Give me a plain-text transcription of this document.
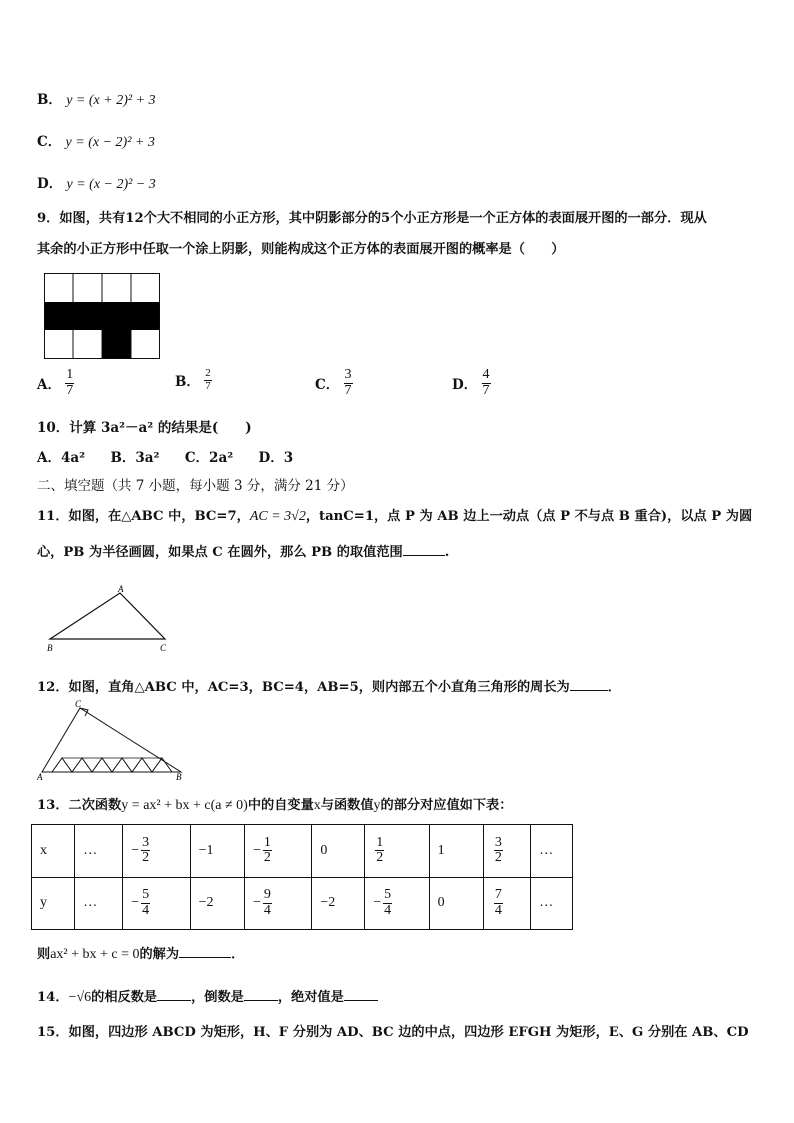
B． y = (x + 2)² + 3
C． y = (x − 2)² + 3
D． y = (x − 2)² − 3
9．如图，共有12个大不相同的小正方形，其中阴影部分的5个小正方形是一个正方体的表面展开图的一部分．现从
其余的小正方形中任取一个涂上阴影，则能构成这个正方体的表面展开图的概率是（　　）
A． $\frac{1}{7}$	B． $\frac{2}{7}$	C． $\frac{3}{7}$	D． $\frac{4}{7}$
10．计算 3a²－a² 的结果是(　　)
A．4a² B．3a² C．2a² D．3
二、填空题（共 7 小题，每小题 3 分，满分 21 分）
11．如图，在△ABC 中，BC=7，AC = 3√2，tanC=1，点 P 为 AB 边上一动点（点 P 不与点 B 重合)，以点 P 为圆
心，PB 为半径画圆，如果点 C 在圆外，那么 PB 的取值范围	.
A
B	C
12．如图，直角△ABC 中，AC=3，BC=4，AB=5，则内部五个小直角三角形的周长为	．
C
A	B
13．二次函数y = ax² + bx + c(a ≠ 0)中的自变量x与函数值y的部分对应值如下表：
x	…	− $\frac{3}{2}$	−1	− $\frac{1}{2}$	0	$\frac{1}{2}$	1	$\frac{3}{2}$	…
y	…	− $\frac{5}{4}$	−2	− $\frac{9}{4}$	−2	− $\frac{5}{4}$	0	$\frac{7}{4}$	…
则ax² + bx + c = 0的解为	．
14．−√6的相反数是	，倒数是	，绝对值是
15．如图，四边形 ABCD 为矩形，H、F 分别为 AD、BC 边的中点，四边形 EFGH 为矩形，E、G 分别在 AB、CD
